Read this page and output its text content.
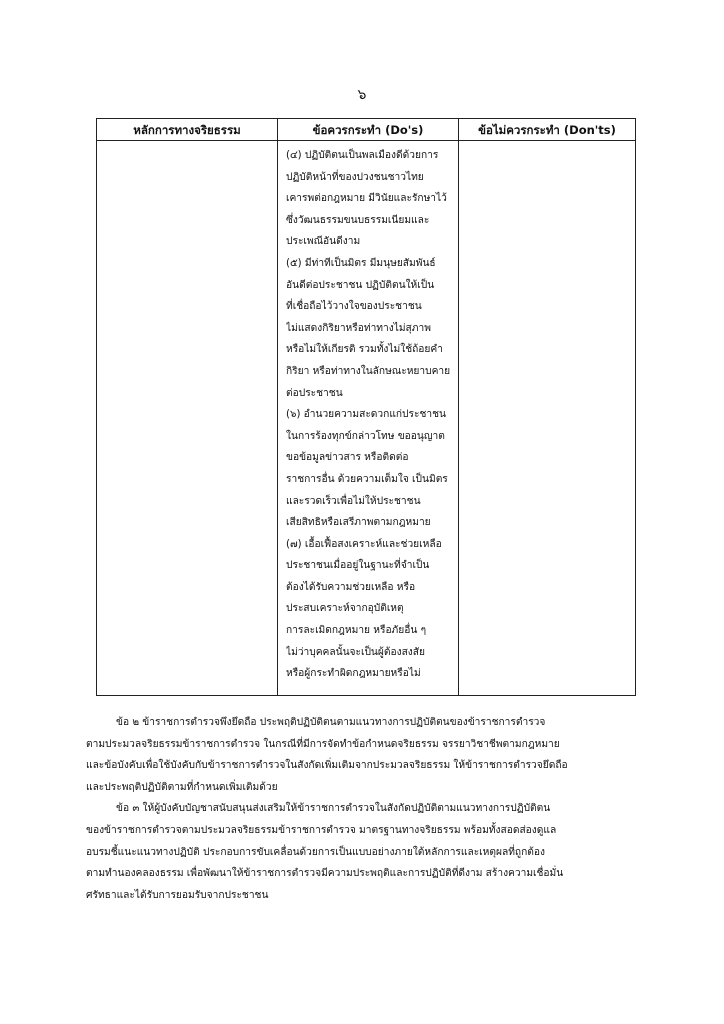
๖
หลักการทางจริยธรรม	ข้อควรกระทำ (Do's)	ข้อไม่ควรกระทำ (Don'ts)
(๔) ปฏิบัติตนเป็นพลเมืองดีด้วยการ
ปฏิบัติหน้าที่ของปวงชนชาวไทย
เคารพต่อกฎหมาย มีวินัยและรักษาไว้
ซึ่งวัฒนธรรมขนบธรรมเนียมและ
ประเพณีอันดีงาม
(๕) มีท่าทีเป็นมิตร มีมนุษยสัมพันธ์
อันดีต่อประชาชน ปฏิบัติตนให้เป็น
ที่เชื่อถือไว้วางใจของประชาชน
ไม่แสดงกิริยาหรือท่าทางไม่สุภาพ
หรือไม่ให้เกียรติ รวมทั้งไม่ใช้ถ้อยคำ
กิริยา หรือท่าทางในลักษณะหยาบคาย
ต่อประชาชน
(๖) อำนวยความสะดวกแก่ประชาชน
ในการร้องทุกข์กล่าวโทษ ขออนุญาต
ขอข้อมูลข่าวสาร หรือติดต่อ
ราชการอื่น ด้วยความเต็มใจ เป็นมิตร
และรวดเร็วเพื่อไม่ให้ประชาชน
เสียสิทธิหรือเสรีภาพตามกฎหมาย
(๗) เอื้อเฟื้อสงเคราะห์และช่วยเหลือ
ประชาชนเมื่ออยู่ในฐานะที่จำเป็น
ต้องได้รับความช่วยเหลือ หรือ
ประสบเคราะห์จากอุบัติเหตุ
การละเมิดกฎหมาย หรือภัยอื่น ๆ
ไม่ว่าบุคคลนั้นจะเป็นผู้ต้องสงสัย
หรือผู้กระทำผิดกฎหมายหรือไม่
ข้อ ๒ ข้าราชการตำรวจพึงยึดถือ ประพฤติปฏิบัติตนตามแนวทางการปฏิบัติตนของข้าราชการตำรวจ
ตามประมวลจริยธรรมข้าราชการตำรวจ ในกรณีที่มีการจัดทำข้อกำหนดจริยธรรม จรรยาวิชาชีพตามกฎหมาย
และข้อบังคับเพื่อใช้บังคับกับข้าราชการตำรวจในสังกัดเพิ่มเติมจากประมวลจริยธรรม ให้ข้าราชการตำรวจยึดถือ
และประพฤติปฏิบัติตามที่กำหนดเพิ่มเติมด้วย
ข้อ ๓ ให้ผู้บังคับบัญชาสนับสนุนส่งเสริมให้ข้าราชการตำรวจในสังกัดปฏิบัติตามแนวทางการปฏิบัติตน
ของข้าราชการตำรวจตามประมวลจริยธรรมข้าราชการตำรวจ มาตรฐานทางจริยธรรม พร้อมทั้งสอดส่องดูแล
อบรมชี้แนะแนวทางปฏิบัติ ประกอบการขับเคลื่อนด้วยการเป็นแบบอย่างภายใต้หลักการและเหตุผลที่ถูกต้อง
ตามทำนองคลองธรรม เพื่อพัฒนาให้ข้าราชการตำรวจมีความประพฤติและการปฏิบัติที่ดีงาม สร้างความเชื่อมั่น
ศรัทธาและได้รับการยอมรับจากประชาชน
